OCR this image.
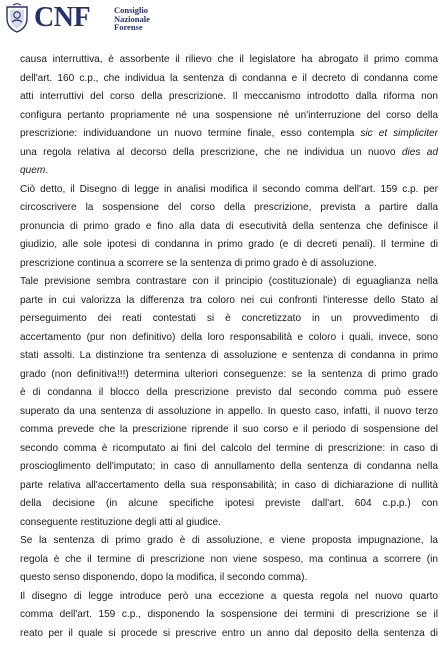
CNF	Consiglio
Nazionale
Forense
causa interruttiva, è assorbente il rilievo che il legislatore ha abrogato il primo comma
dell'art. 160 c.p., che individua la sentenza di condanna e il decreto di condanna come
atti interruttivi del corso della prescrizione. Il meccanismo introdotto dalla riforma non
configura pertanto propriamente né una sospensione né un'interruzione del corso della
prescrizione: individuandone un nuovo termine finale, esso contempla sic et simpliciter
una regola relativa al decorso della prescrizione, che ne individua un nuovo dies ad
quem.
Ciò detto, il Disegno di legge in analisi modifica il secondo comma dell'art. 159 c.p. per
circoscrivere la sospensione del corso della prescrizione, prevista a partire dalla
pronuncia di primo grado e fino alla data di esecutività della sentenza che definisce il
giudizio, alle sole ipotesi di condanna in primo grado (e di decreti penali). Il termine di
prescrizione continua a scorrere se la sentenza di primo grado è di assoluzione.
Tale previsione sembra contrastare con il principio (costituzionale) di eguaglianza nella
parte in cui valorizza la differenza tra coloro nei cui confronti l'interesse dello Stato al
perseguimento dei reati contestati si è concretizzato in un provvedimento di
accertamento (pur non definitivo) della loro responsabilità e coloro i quali, invece, sono
stati assolti. La distinzione tra sentenza di assoluzione e sentenza di condanna in primo
grado (non definitiva!!!) determina ulteriori conseguenze: se la sentenza di primo grado
è di condanna il blocco della prescrizione previsto dal secondo comma può essere
superato da una sentenza di assoluzione in appello. In questo caso, infatti, il nuovo terzo
comma prevede che la prescrizione riprende il suo corso e il periodo di sospensione del
secondo comma è ricomputato ai fini del calcolo del termine di prescrizione: in caso di
proscioglimento dell'imputato; in caso di annullamento della sentenza di condanna nella
parte relativa all'accertamento della sua responsabilità; in caso di dichiarazione di nullità
della decisione (in alcune specifiche ipotesi previste dall'art. 604 c.p.p.) con
conseguente restituzione degli atti al giudice.
Se la sentenza di primo grado è di assoluzione, e viene proposta impugnazione, la
regola è che il termine di prescrizione non viene sospeso, ma continua a scorrere (in
questo senso disponendo, dopo la modifica, il secondo comma).
Il disegno di legge introduce però una eccezione a questa regola nel nuovo quarto
comma dell'art. 159 c.p., disponendo la sospensione dei termini di prescrizione se il
reato per il quale si procede si prescrive entro un anno dal deposito della sentenza di
